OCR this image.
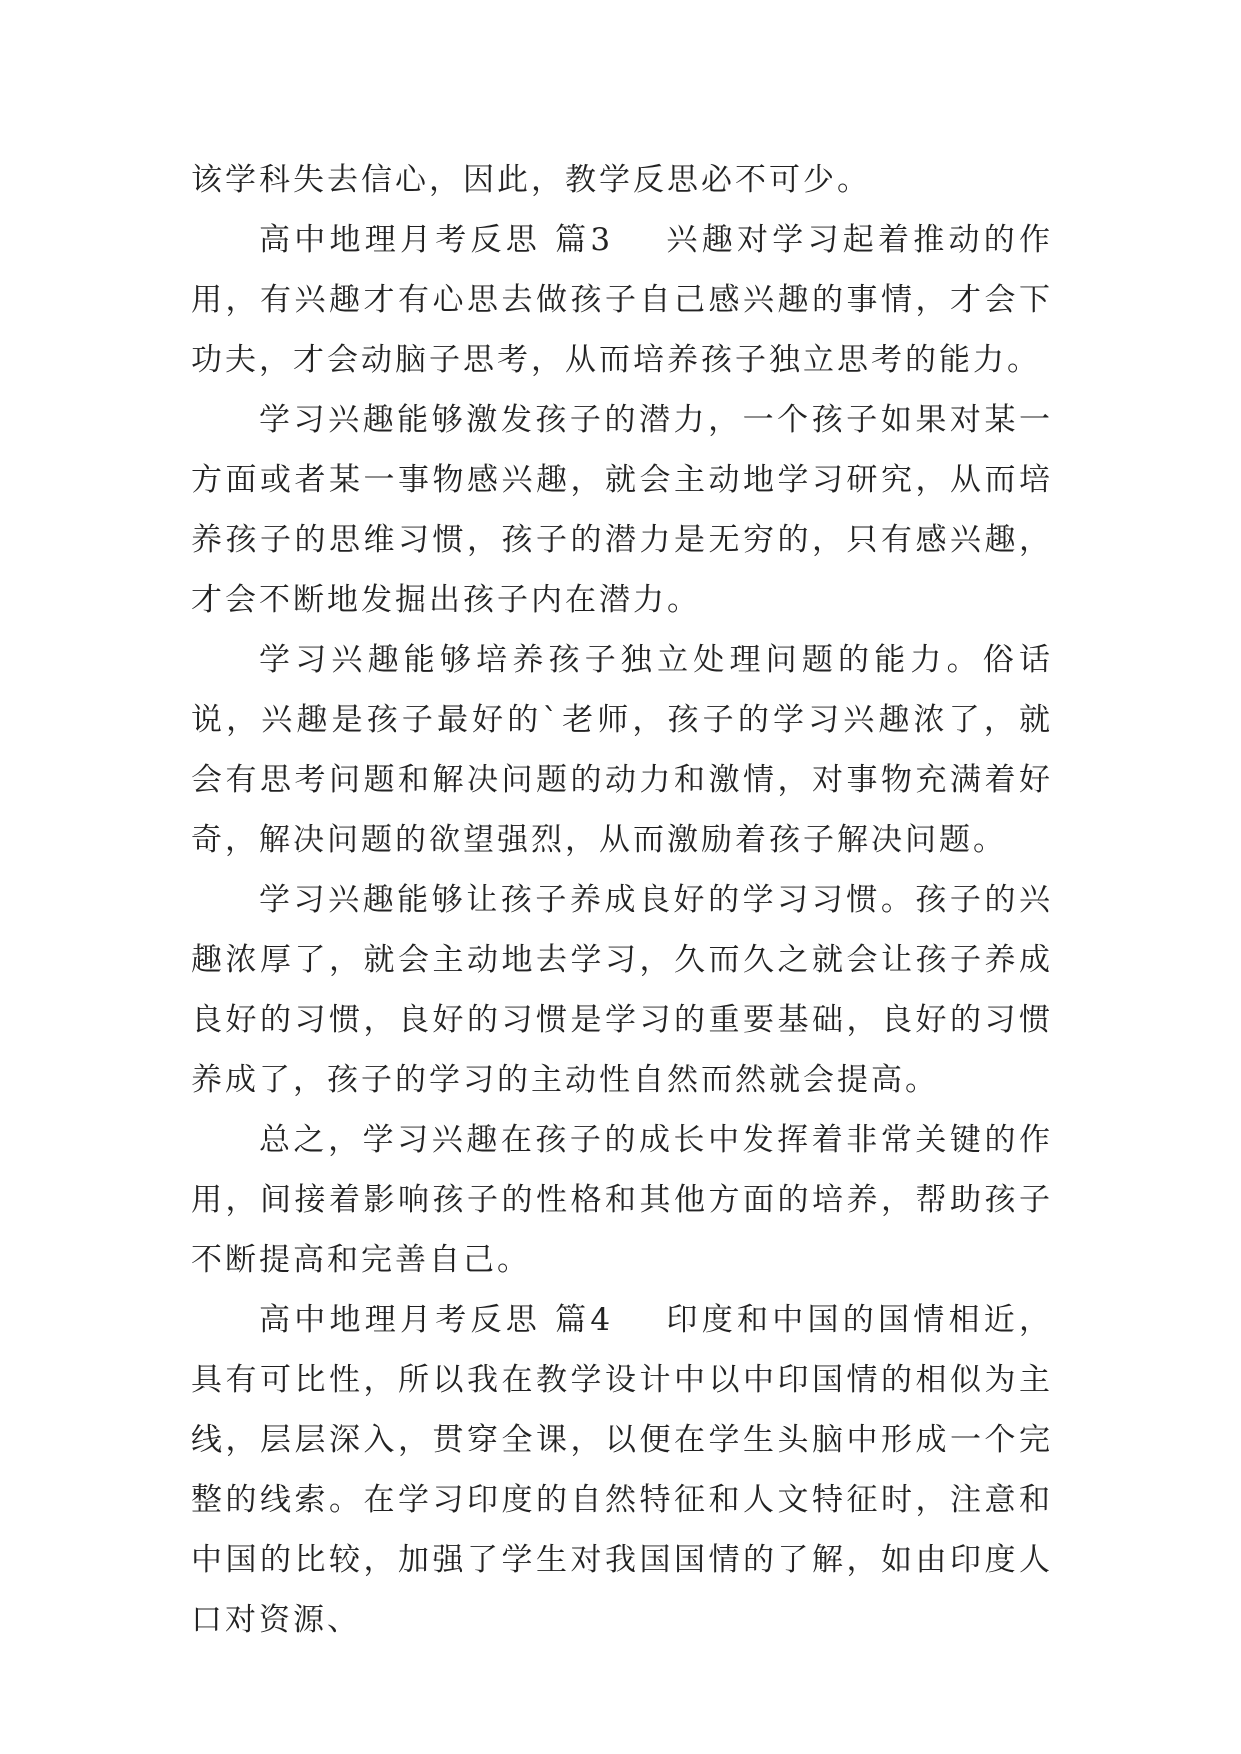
该学科失去信心，因此，教学反思必不可少。

高中地理月考反思 篇3 兴趣对学习起着推动的作用，有兴趣才有心思去做孩子自己感兴趣的事情，才会下功夫，才会动脑子思考，从而培养孩子独立思考的能力。

学习兴趣能够激发孩子的潜力，一个孩子如果对某一方面或者某一事物感兴趣，就会主动地学习研究，从而培养孩子的思维习惯，孩子的潜力是无穷的，只有感兴趣，才会不断地发掘出孩子内在潜力。

学习兴趣能够培养孩子独立处理问题的能力。俗话说，兴趣是孩子最好的`老师，孩子的学习兴趣浓了，就会有思考问题和解决问题的动力和激情，对事物充满着好奇，解决问题的欲望强烈，从而激励着孩子解决问题。

学习兴趣能够让孩子养成良好的学习习惯。孩子的兴趣浓厚了，就会主动地去学习，久而久之就会让孩子养成良好的习惯，良好的习惯是学习的重要基础，良好的习惯养成了，孩子的学习的主动性自然而然就会提高。

总之，学习兴趣在孩子的成长中发挥着非常关键的作用，间接着影响孩子的性格和其他方面的培养，帮助孩子不断提高和完善自己。

高中地理月考反思 篇4 印度和中国的国情相近，具有可比性，所以我在教学设计中以中印国情的相似为主线，层层深入，贯穿全课，以便在学生头脑中形成一个完整的线索。在学习印度的自然特征和人文特征时，注意和中国的比较，加强了学生对我国国情的了解，如由印度人口对资源、
